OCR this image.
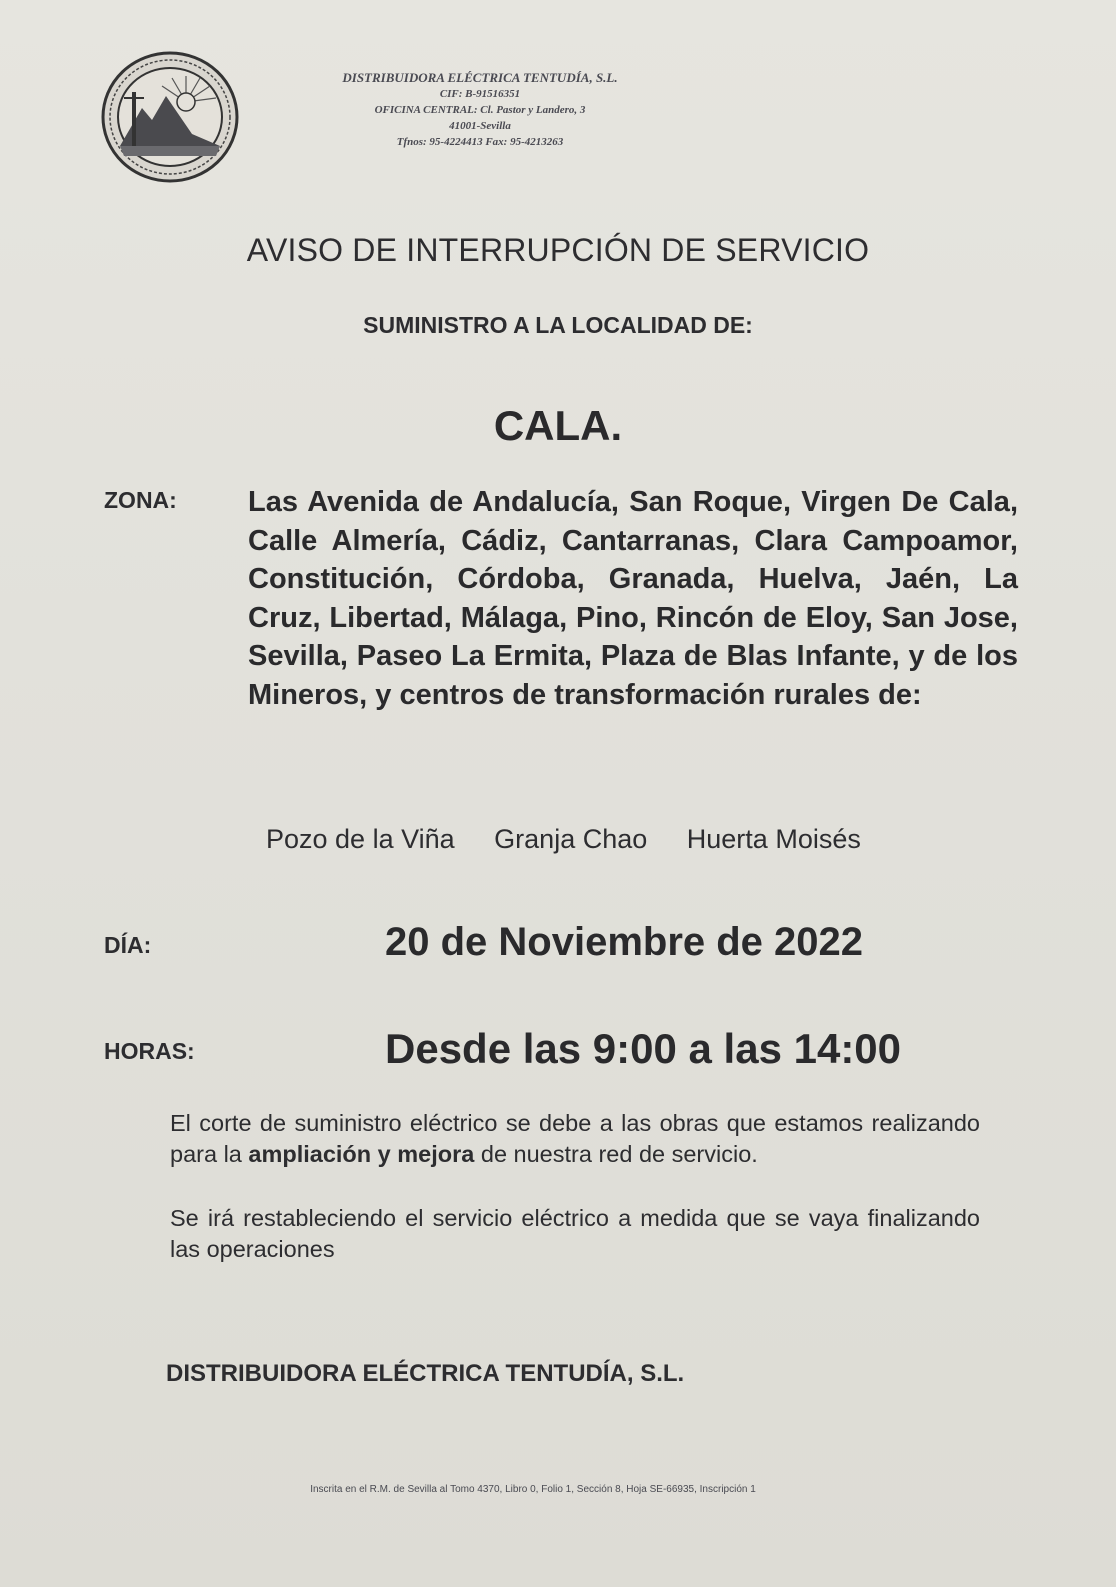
DISTRIBUIDORA ELÉCTRICA TENTUDÍA, S.L.
CIF: B-91516351
OFICINA CENTRAL: Cl. Pastor y Landero, 3
41001-Sevilla
Tfnos: 95-4224413 Fax: 95-4213263
AVISO DE INTERRUPCIÓN DE SERVICIO
SUMINISTRO A LA LOCALIDAD DE:
CALA.
ZONA: Las Avenida de Andalucía, San Roque, Virgen De Cala, Calle Almería, Cádiz, Cantarranas, Clara Campoamor, Constitución, Córdoba, Granada, Huelva, Jaén, La Cruz, Libertad, Málaga, Pino, Rincón de Eloy, San Jose, Sevilla, Paseo La Ermita, Plaza de Blas Infante, y de los Mineros, y centros de transformación rurales de:
Pozo de la Viña Granja Chao Huerta Moisés
DÍA:	20 de Noviembre de 2022
HORAS:	Desde las 9:00 a las 14:00
El corte de suministro eléctrico se debe a las obras que estamos realizando para la ampliación y mejora de nuestra red de servicio.
Se irá restableciendo el servicio eléctrico a medida que se vaya finalizando las operaciones
DISTRIBUIDORA ELÉCTRICA TENTUDÍA, S.L.
Inscrita en el R.M. de Sevilla al Tomo 4370, Libro 0, Folio 1, Sección 8, Hoja SE-66935, Inscripción 1
